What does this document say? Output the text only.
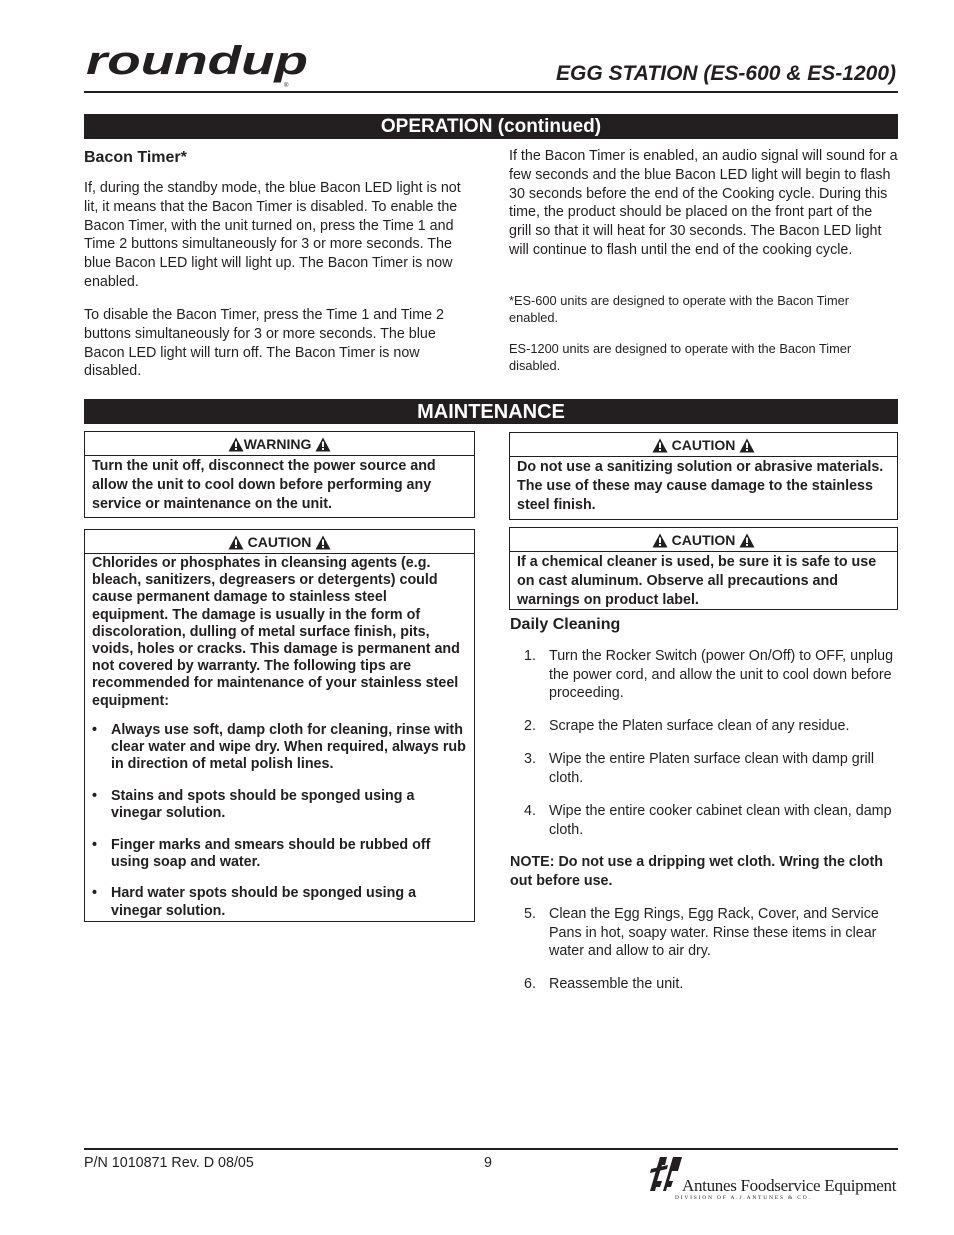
roundup
®
EGG STATION (ES-600 & ES-1200)
OPERATION (continued)
Bacon Timer*
If, during the standby mode, the blue Bacon LED light is not lit, it means that the Bacon Timer is disabled. To enable the Bacon Timer, with the unit turned on, press the Time 1 and Time 2 buttons simultaneously for 3 or more seconds. The blue Bacon LED light will light up. The Bacon Timer is now enabled.
To disable the Bacon Timer, press the Time 1 and Time 2 buttons simultaneously for 3 or more seconds. The blue Bacon LED light will turn off. The Bacon Timer is now disabled.
If the Bacon Timer is enabled, an audio signal will sound for a few seconds and the blue Bacon LED light will begin to flash 30 seconds before the end of the Cooking cycle. During this time, the product should be placed on the front part of the grill so that it will heat for 30 seconds. The Bacon LED light will continue to flash until the end of the cooking cycle.
*ES-600 units are designed to operate with the Bacon Timer enabled.
ES-1200 units are designed to operate with the Bacon Timer disabled.
MAINTENANCE
WARNING
Turn the unit off, disconnect the power source and allow the unit to cool down before performing any service or maintenance on the unit.
CAUTION
Chlorides or phosphates in cleansing agents (e.g. bleach, sanitizers, degreasers or detergents) could cause permanent damage to stainless steel equipment. The damage is usually in the form of discoloration, dulling of metal surface finish, pits, voids, holes or cracks. This damage is permanent and not covered by warranty. The following tips are recommended for maintenance of your stainless steel equipment:
• Always use soft, damp cloth for cleaning, rinse with clear water and wipe dry. When required, always rub in direction of metal polish lines.
• Stains and spots should be sponged using a vinegar solution.
• Finger marks and smears should be rubbed off using soap and water.
• Hard water spots should be sponged using a vinegar solution.
CAUTION
Do not use a sanitizing solution or abrasive materials. The use of these may cause damage to the stainless steel finish.
CAUTION
If a chemical cleaner is used, be sure it is safe to use on cast aluminum. Observe all precautions and warnings on product label.
Daily Cleaning
1. Turn the Rocker Switch (power On/Off) to OFF, unplug the power cord, and allow the unit to cool down before proceeding.
2. Scrape the Platen surface clean of any residue.
3. Wipe the entire Platen surface clean with damp grill cloth.
4. Wipe the entire cooker cabinet clean with clean, damp cloth.
NOTE: Do not use a dripping wet cloth. Wring the cloth out before use.
5. Clean the Egg Rings, Egg Rack, Cover, and Service Pans in hot, soapy water. Rinse these items in clear water and allow to air dry.
6. Reassemble the unit.
P/N 1010871 Rev. D 08/05	9
Antunes Foodservice Equipment
DIVISION OF A.J.ANTUNES & CO.
